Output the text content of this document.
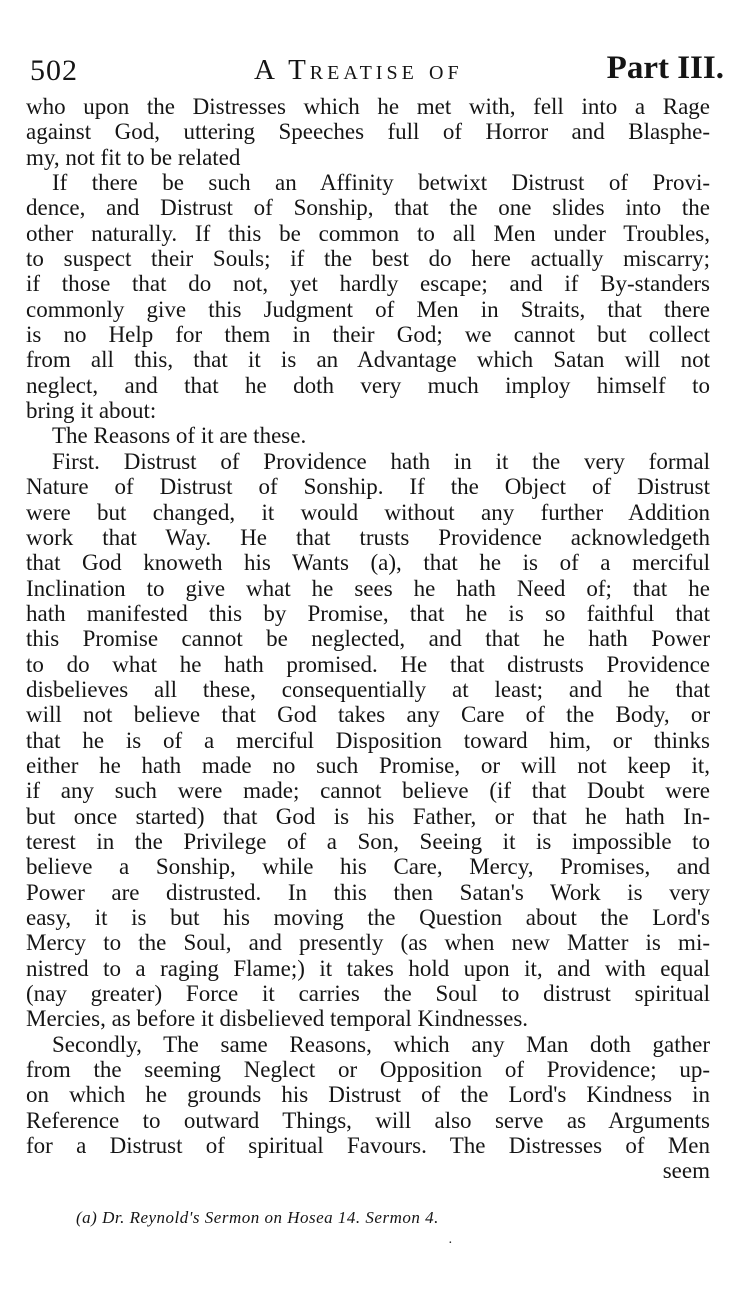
502	A Treatise of	Part III.
who upon the Distresses which he met with, fell into a Rage
against God, uttering Speeches full of Horror and Blasphe-
my, not fit to be related
If there be such an Affinity betwixt Distrust of Provi-
dence, and Distrust of Sonship, that the one slides into the
other naturally. If this be common to all Men under Troubles,
to suspect their Souls; if the best do here actually miscarry;
if those that do not, yet hardly escape; and if By-standers
commonly give this Judgment of Men in Straits, that there
is no Help for them in their God; we cannot but collect
from all this, that it is an Advantage which Satan will not
neglect, and that he doth very much imploy himself to
bring it about:
The Reasons of it are these.
First. Distrust of Providence hath in it the very formal
Nature of Distrust of Sonship. If the Object of Distrust
were but changed, it would without any further Addition
work that Way. He that trusts Providence acknowledgeth
that God knoweth his Wants (a), that he is of a merciful
Inclination to give what he sees he hath Need of; that he
hath manifested this by Promise, that he is so faithful that
this Promise cannot be neglected, and that he hath Power
to do what he hath promised. He that distrusts Providence
disbelieves all these, consequentially at least; and he that
will not believe that God takes any Care of the Body, or
that he is of a merciful Disposition toward him, or thinks
either he hath made no such Promise, or will not keep it,
if any such were made; cannot believe (if that Doubt were
but once started) that God is his Father, or that he hath In-
terest in the Privilege of a Son, Seeing it is impossible to
believe a Sonship, while his Care, Mercy, Promises, and
Power are distrusted. In this then Satan's Work is very
easy, it is but his moving the Question about the Lord's
Mercy to the Soul, and presently (as when new Matter is mi-
nistred to a raging Flame;) it takes hold upon it, and with equal
(nay greater) Force it carries the Soul to distrust spiritual
Mercies, as before it disbelieved temporal Kindnesses.
Secondly, The same Reasons, which any Man doth gather
from the seeming Neglect or Opposition of Providence; up-
on which he grounds his Distrust of the Lord's Kindness in
Reference to outward Things, will also serve as Arguments
for a Distrust of spiritual Favours. The Distresses of Men
seem
(a) Dr. Reynold's Sermon on Hosea 14. Sermon 4.
·
